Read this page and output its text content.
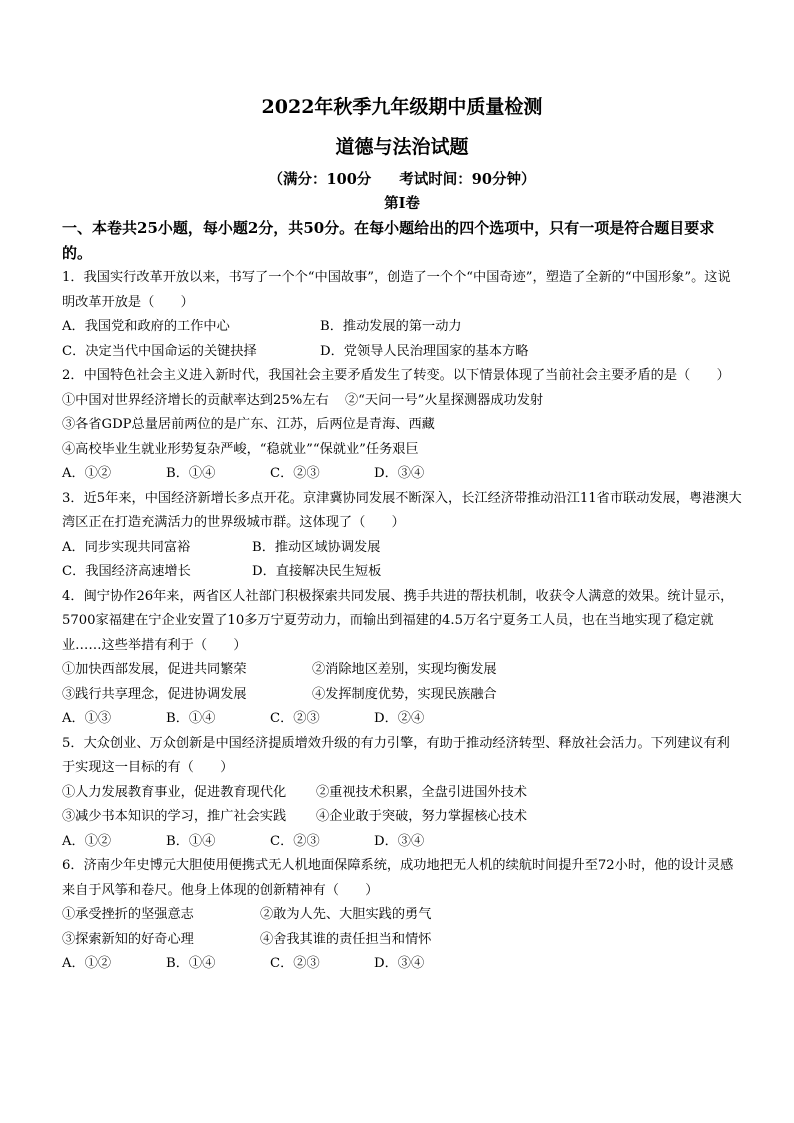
2022年秋季九年级期中质量检测
道德与法治试题
（满分：100分 考试时间：90分钟）
第Ⅰ卷
一、本卷共25小题，每小题2分，共50分。在每小题给出的四个选项中，只有一项是符合题目要求的。
1．我国实行改革开放以来，书写了一个个“中国故事”，创造了一个个“中国奇迹”，塑造了全新的“中国形象”。这说明改革开放是（　　）
A．我国党和政府的工作中心	B．推动发展的第一动力
C．决定当代中国命运的关键抉择	D．党领导人民治理国家的基本方略
2．中国特色社会主义进入新时代，我国社会主要矛盾发生了转变。以下情景体现了当前社会主要矛盾的是（　　）
①中国对世界经济增长的贡献率达到25%左右 ②“天问一号”火星探测器成功发射
③各省GDP总量居前两位的是广东、江苏，后两位是青海、西藏
④高校毕业生就业形势复杂严峻，“稳就业”“保就业”任务艰巨
A．①②	B．①④	C．②③	D．③④
3．近5年来，中国经济新增长多点开花。京津冀协同发展不断深入，长江经济带推动沿江11省市联动发展，粤港澳大湾区正在打造充满活力的世界级城市群。这体现了（　　）
A．同步实现共同富裕	B．推动区域协调发展
C．我国经济高速增长	D．直接解决民生短板
4．闽宁协作26年来，两省区人社部门积极探索共同发展、携手共进的帮扶机制，收获令人满意的效果。统计显示，5700家福建在宁企业安置了10多万宁夏劳动力，而输出到福建的4.5万名宁夏务工人员，也在当地实现了稳定就业……这些举措有利于（　　）
①加快西部发展，促进共同繁荣	②消除地区差别，实现均衡发展
③践行共享理念，促进协调发展	④发挥制度优势，实现民族融合
A．①③	B．①④	C．②③	D．②④
5．大众创业、万众创新是中国经济提质增效升级的有力引擎，有助于推动经济转型、释放社会活力。下列建议有利于实现这一目标的有（　　）
①人力发展教育事业，促进教育现代化 ②重视技术积累，全盘引进国外技术
③减少书本知识的学习，推广社会实践 ④企业敢于突破，努力掌握核心技术
A．①②	B．①④	C．②③	D．③④
6．济南少年史博元大胆使用便携式无人机地面保障系统，成功地把无人机的续航时间提升至72小时，他的设计灵感来自于风筝和卷尺。他身上体现的创新精神有（　　）
①承受挫折的坚强意志	②敢为人先、大胆实践的勇气
③探索新知的好奇心理	④舍我其谁的责任担当和情怀
A．①②	B．①④	C．②③	D．③④
